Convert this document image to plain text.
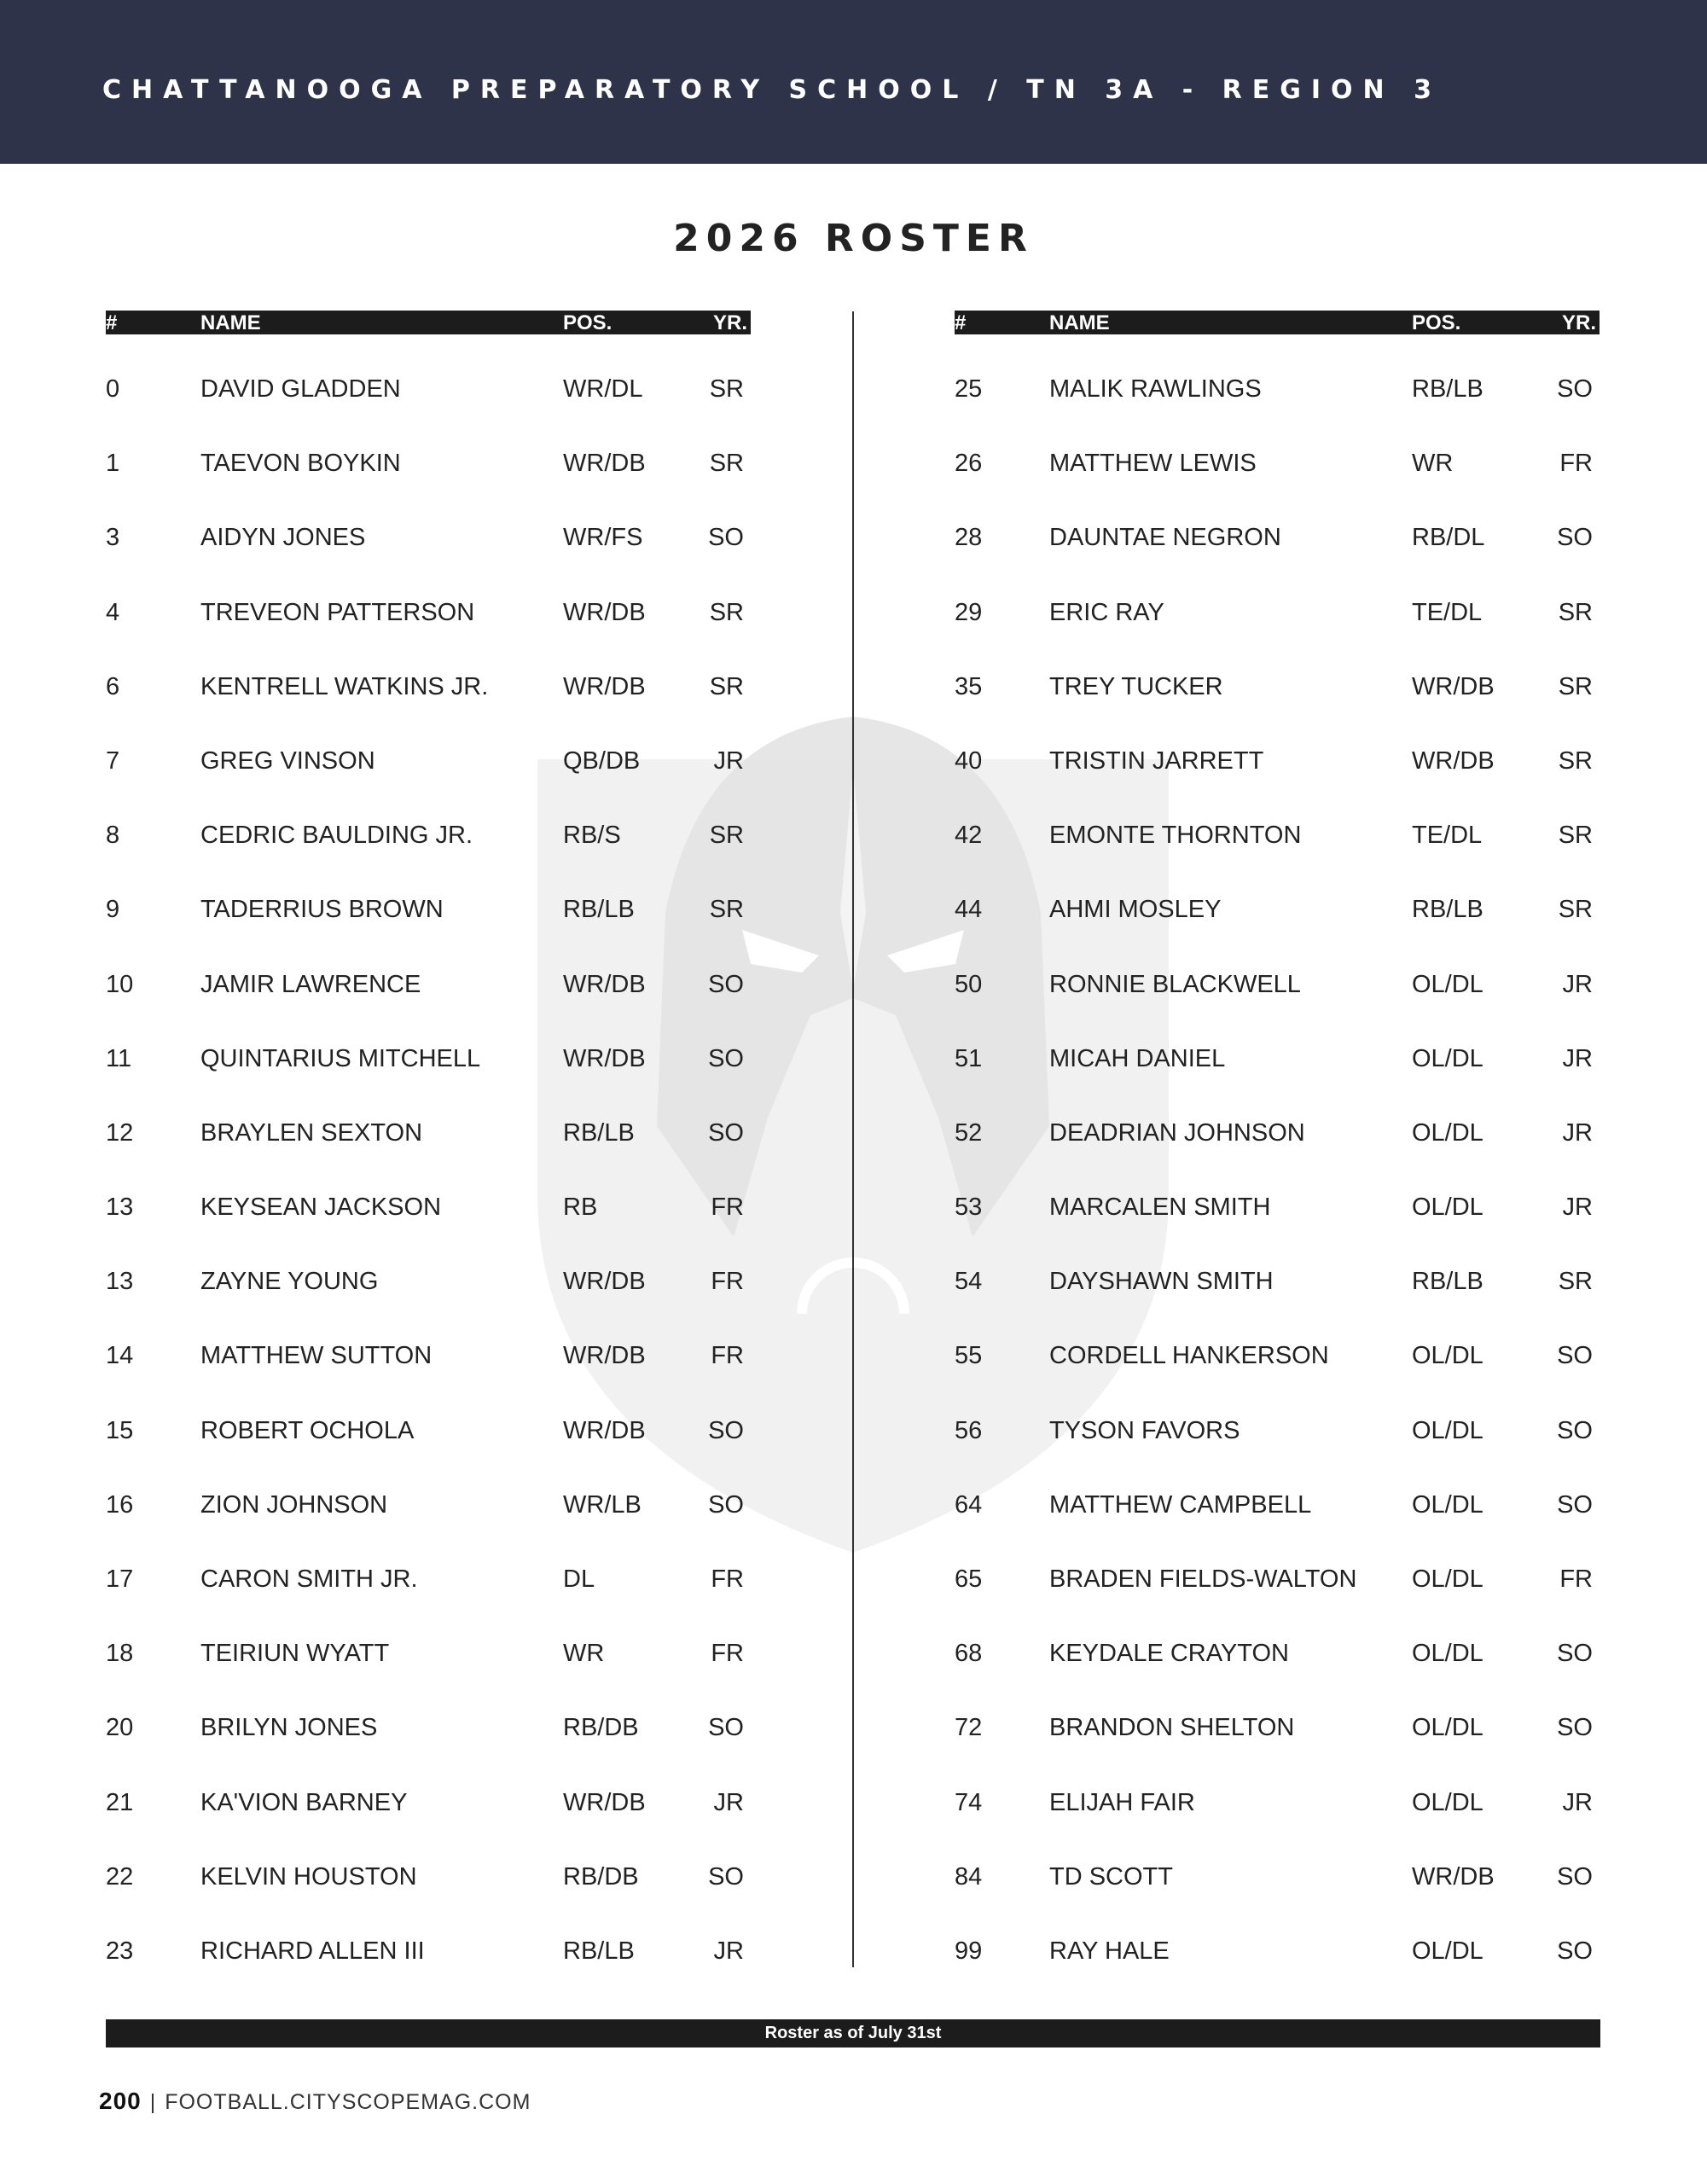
CHATTANOOGA PREPARATORY SCHOOL / TN 3A - REGION 3
2026 ROSTER
#	NAME	POS.	YR.
0	DAVID GLADDEN	WR/DL	SR
1	TAEVON BOYKIN	WR/DB	SR
3	AIDYN JONES	WR/FS	SO
4	TREVEON PATTERSON	WR/DB	SR
6	KENTRELL WATKINS JR.	WR/DB	SR
7	GREG VINSON	QB/DB	JR
8	CEDRIC BAULDING JR.	RB/S	SR
9	TADERRIUS BROWN	RB/LB	SR
10	JAMIR LAWRENCE	WR/DB	SO
11	QUINTARIUS MITCHELL	WR/DB	SO
12	BRAYLEN SEXTON	RB/LB	SO
13	KEYSEAN JACKSON	RB	FR
13	ZAYNE YOUNG	WR/DB	FR
14	MATTHEW SUTTON	WR/DB	FR
15	ROBERT OCHOLA	WR/DB	SO
16	ZION JOHNSON	WR/LB	SO
17	CARON SMITH JR.	DL	FR
18	TEIRIUN WYATT	WR	FR
20	BRILYN JONES	RB/DB	SO
21	KA'VION BARNEY	WR/DB	JR
22	KELVIN HOUSTON	RB/DB	SO
23	RICHARD ALLEN III	RB/LB	JR
#	NAME	POS.	YR.
25	MALIK RAWLINGS	RB/LB	SO
26	MATTHEW LEWIS	WR	FR
28	DAUNTAE NEGRON	RB/DL	SO
29	ERIC RAY	TE/DL	SR
35	TREY TUCKER	WR/DB	SR
40	TRISTIN JARRETT	WR/DB	SR
42	EMONTE THORNTON	TE/DL	SR
44	AHMI MOSLEY	RB/LB	SR
50	RONNIE BLACKWELL	OL/DL	JR
51	MICAH DANIEL	OL/DL	JR
52	DEADRIAN JOHNSON	OL/DL	JR
53	MARCALEN SMITH	OL/DL	JR
54	DAYSHAWN SMITH	RB/LB	SR
55	CORDELL HANKERSON	OL/DL	SO
56	TYSON FAVORS	OL/DL	SO
64	MATTHEW CAMPBELL	OL/DL	SO
65	BRADEN FIELDS-WALTON OL/DL	FR
68	KEYDALE CRAYTON	OL/DL	SO
72	BRANDON SHELTON	OL/DL	SO
74	ELIJAH FAIR	OL/DL	JR
84	TD SCOTT	WR/DB	SO
99	RAY HALE	OL/DL	SO
Roster as of July 31st
200 | FOOTBALL.CITYSCOPEMAG.COM
